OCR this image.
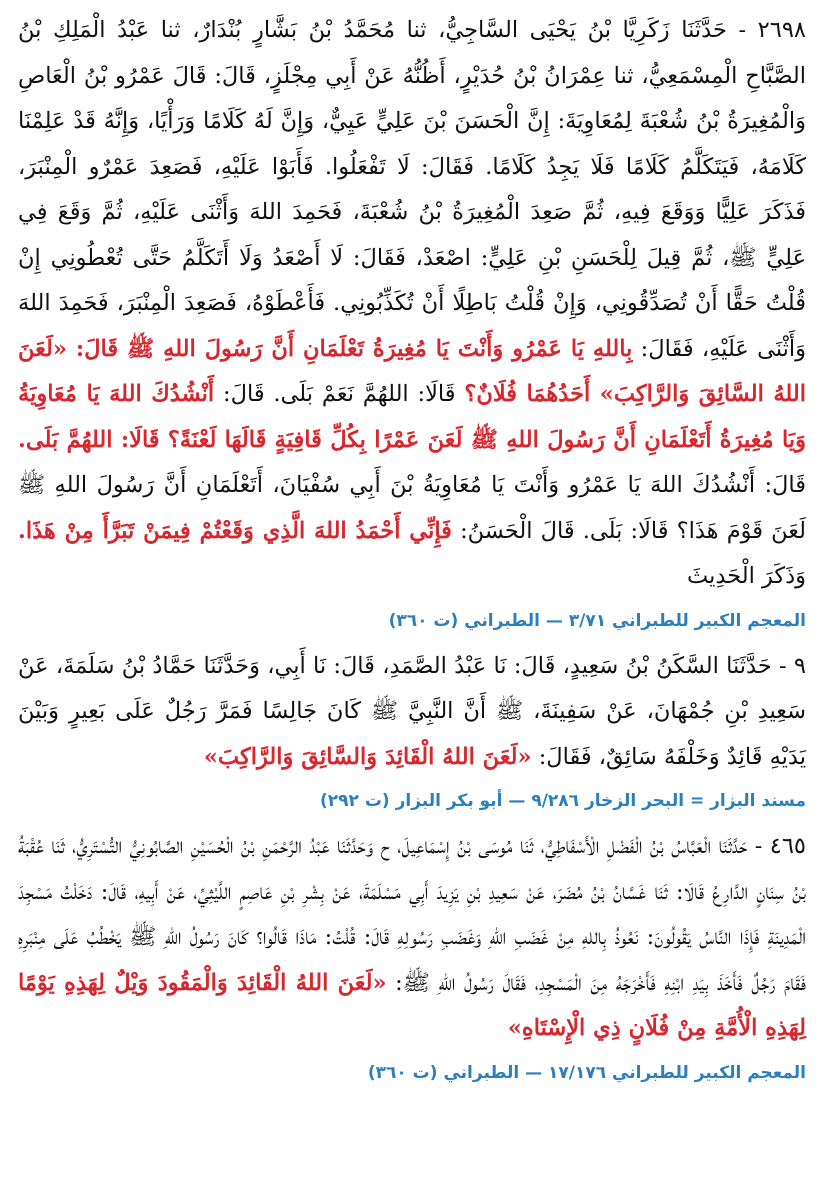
٢٦٩٨ - حَدَّثَنَا زَكَرِيَّا بْنُ يَحْيَى السَّاجِيُّ، ثنا مُحَمَّدُ بْنُ بَشَّارٍ بُنْدَارٌ، ثنا عَبْدُ الْمَلِكِ بْنُ الصَّبَّاحِ الْمِسْمَعِيُّ، ثنا عِمْرَانُ بْنُ حُدَيْرٍ، أَظُنُّهُ عَنْ أَبِي مِجْلَزٍ، قَالَ: قَالَ عَمْرُو بْنُ الْعَاصِ وَالْمُغِيرَةُ بْنُ شُعْبَةَ لِمُعَاوِيَةَ: إِنَّ الْحَسَنَ بْنَ عَلِيٍّ عَيِيٌّ، وَإِنَّ لَهُ كَلَامًا وَرَأْيًا، وَإِنَّهُ قَدْ عَلِمْنَا كَلَامَهُ، فَيَتَكَلَّمُ كَلَامًا فَلَا يَجِدُ كَلَامًا. فَقَالَ: لَا تَفْعَلُوا. فَأَبَوْا عَلَيْهِ، فَصَعِدَ عَمْرٌو الْمِنْبَرَ، فَذَكَرَ عَلِيًّا وَوَقَعَ فِيهِ، ثُمَّ صَعِدَ الْمُغِيرَةُ بْنُ شُعْبَةَ، فَحَمِدَ اللهَ وَأَثْنَى عَلَيْهِ، ثُمَّ وَقَعَ فِي عَلِيٍّ ﷺ، ثُمَّ قِيلَ لِلْحَسَنِ بْنِ عَلِيٍّ: اصْعَدْ، فَقَالَ: لَا أَصْعَدُ وَلَا أَتَكَلَّمُ حَتَّى تُعْطُونِي إِنْ قُلْتُ حَقًّا أَنْ تُصَدِّقُونِي، وَإِنْ قُلْتُ بَاطِلًا أَنْ تُكَذِّبُونِي. فَأَعْطَوْهُ، فَصَعِدَ الْمِنْبَرَ، فَحَمِدَ اللهَ وَأَثْنَى عَلَيْهِ، فَقَالَ: بِاللهِ يَا عَمْرُو وَأَنْتَ يَا مُغِيرَةُ تَعْلَمَانِ أَنَّ رَسُولَ اللهِ ﷺ قَالَ: «لَعَنَ اللهُ السَّائِقَ وَالرَّاكِبَ» أَحَدُهُمَا فُلَانٌ؟ قَالَا: اللهُمَّ نَعَمْ بَلَى. قَالَ: أَنْشُدُكَ اللهَ يَا مُعَاوِيَةُ وَيَا مُغِيرَةُ أَتَعْلَمَانِ أَنَّ رَسُولَ اللهِ ﷺ لَعَنَ عَمْرًا بِكُلِّ قَافِيَةٍ قَالَهَا لَعْنَةً؟ قَالَا: اللهُمَّ بَلَى. قَالَ: أَنْشُدُكَ اللهَ يَا عَمْرُو وَأَنْتَ يَا مُعَاوِيَةُ بْنَ أَبِي سُفْيَانَ، أَتَعْلَمَانِ أَنَّ رَسُولَ اللهِ ﷺ لَعَنَ قَوْمَ هَذَا؟ قَالَا: بَلَى. قَالَ الْحَسَنُ: فَإِنِّي أَحْمَدُ اللهَ الَّذِي وَقَعْتُمْ فِيمَنْ تَبَرَّأَ مِنْ هَذَا. وَذَكَرَ الْحَدِيثَ

المعجم الكبير للطبراني ٣/٧١ — الطبراني (ت ٣٦٠)

٩ - حَدَّثَنَا السَّكَنُ بْنُ سَعِيدٍ، قَالَ: نَا عَبْدُ الصَّمَدِ، قَالَ: نَا أَبِي، وَحَدَّثَنَا حَمَّادُ بْنُ سَلَمَةَ، عَنْ سَعِيدِ بْنِ جُمْهَانَ، عَنْ سَفِينَةَ، ﷺ أَنَّ النَّبِيَّ ﷺ كَانَ جَالِسًا فَمَرَّ رَجُلٌ عَلَى بَعِيرٍ وَبَيْنَ يَدَيْهِ قَائِدٌ وَخَلْفَهُ سَائِقٌ، فَقَالَ: «لَعَنَ اللهُ الْقَائِدَ وَالسَّائِقَ وَالرَّاكِبَ»

مسند البزار = البحر الزخار ٩/٢٨٦ — أبو بكر البزار (ت ٢٩٢)

٤٦٥ - حَدَّثَنَا الْعَبَّاسُ بْنُ الْفَضْلِ الْأَسْفَاطِيُّ، ثَنَا مُوسَى بْنُ إِسْمَاعِيلَ، ح وَحَدَّثَنَا عَبْدُ الرَّحْمَنِ بْنُ الْحُسَيْنِ الصَّابُونِيُّ التُّسْتَرِيُّ، ثَنَا عُقْبَةُ بْنُ سِنَانٍ الدَّارِعُ قَالَا: ثَنَا غَسَّانُ بْنُ مُضَرَ، عَنْ سَعِيدِ بْنِ يَزِيدَ أَبِي مَسْلَمَةَ، عَنْ بِشْرِ بْنِ عَاصِمٍ اللَّيْثِيِّ، عَنْ أَبِيهِ، قَالَ: دَخَلْتُ مَسْجِدَ الْمَدِينَةِ فَإِذَا النَّاسُ يَقُولُونَ: نَعُوذُ بِاللهِ مِنْ غَضَبِ اللهِ وَغَضَبِ رَسُولِهِ قَالَ: قُلْتُ: مَاذَا قَالُوا؟ كَانَ رَسُولُ اللهِ ﷺ يَخْطُبُ عَلَى مِنْبَرِهِ فَقَامَ رَجُلٌ فَأَخَذَ بِيَدِ ابْنِهِ فَأَخْرَجَهُ مِنَ الْمَسْجِدِ، فَقَالَ رَسُولُ اللهِ ﷺ: «لَعَنَ اللهُ الْقَائِدَ وَالْمَقُودَ وَيْلٌ لِهَذِهِ يَوْمًا لِهَذِهِ الْأُمَّةِ مِنْ فُلَانٍ ذِي الْإِسْتَاهِ»

المعجم الكبير للطبراني ١٧/١٧٦ — الطبراني (ت ٣٦٠)
